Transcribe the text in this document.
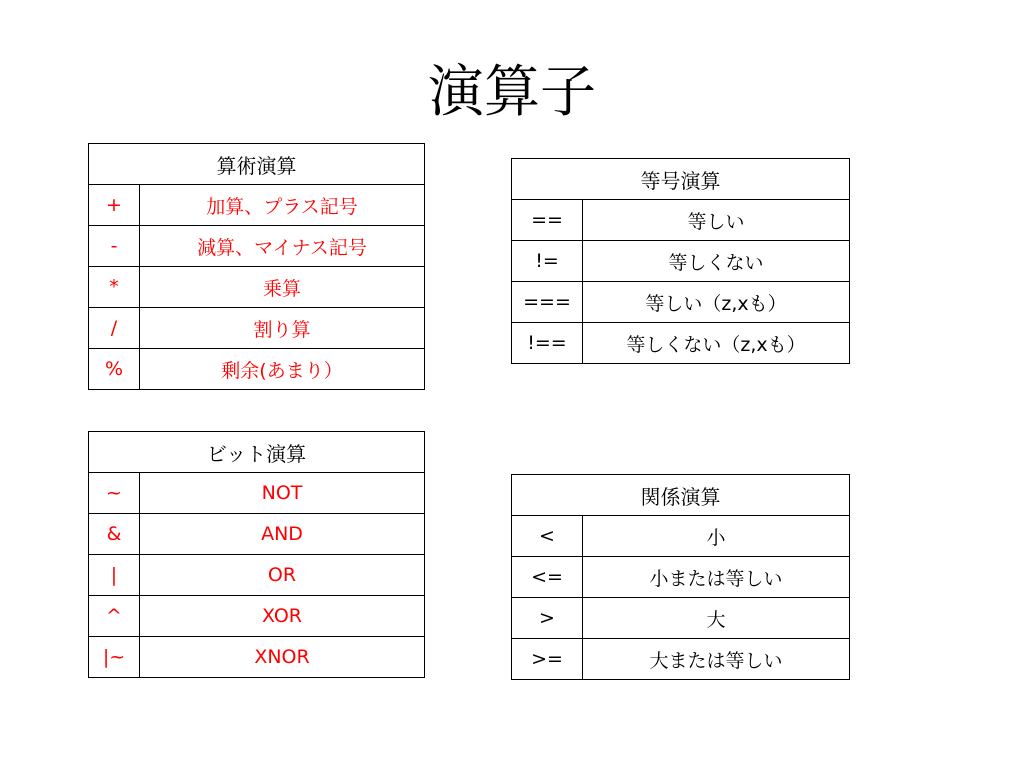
演算子
算術演算	
+	加算、プラス記号
-	減算、マイナス記号
*	乗算
/	割り算
%	剰余(あまり）
ビット演算	
~	NOT
&	AND
|	OR
^	XOR
|~	XNOR
等号演算	
==	等しい
!=	等しくない
===	等しい（z,xも）
!==	等しくない（z,xも）
関係演算	
<	小
<=	小または等しい
>	大
>=	大または等しい
